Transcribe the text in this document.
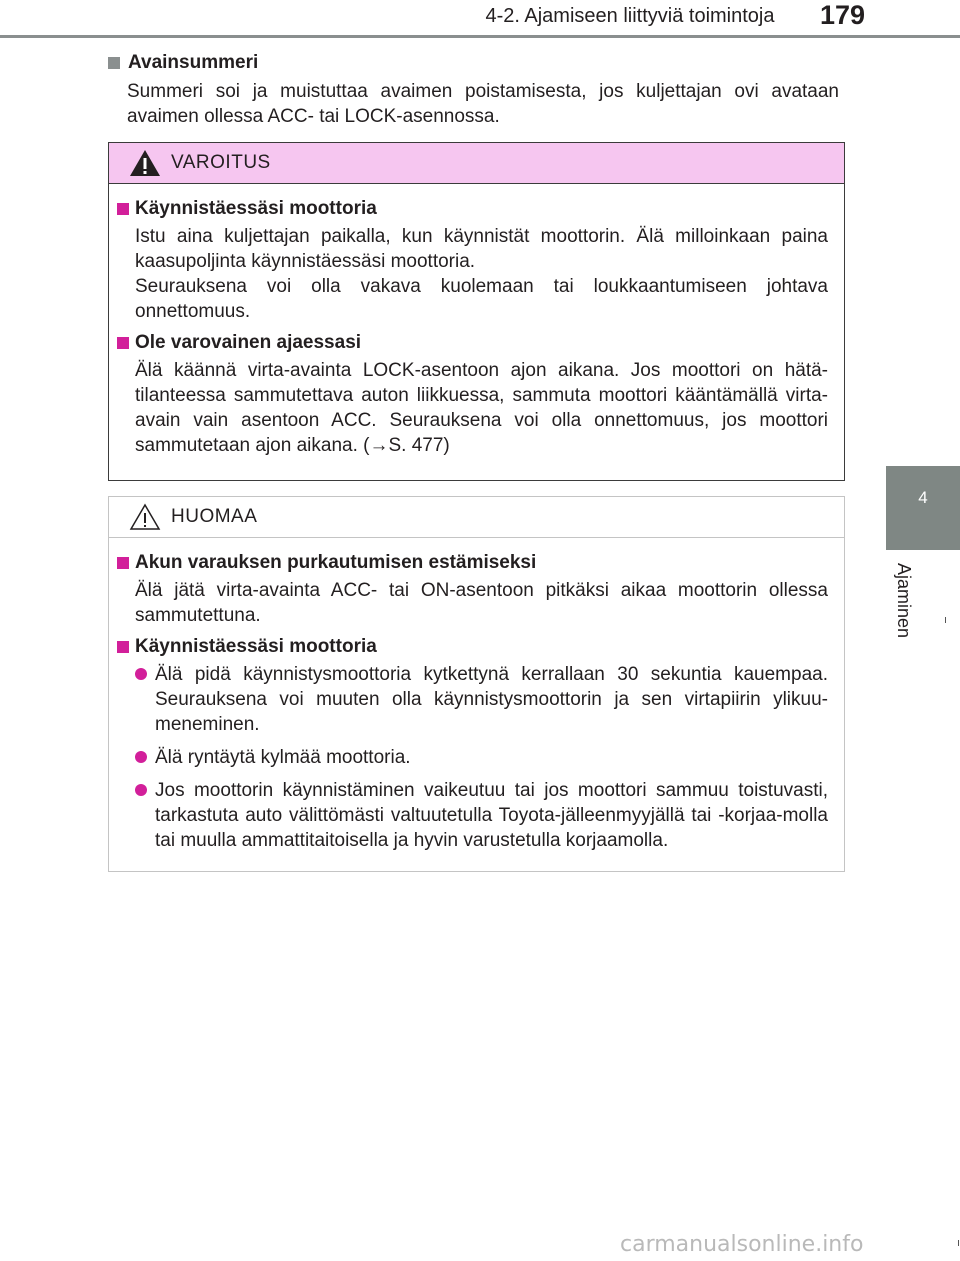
4-2. Ajamiseen liittyviä toimintoja	179
4
Ajaminen
Avainsummeri
Summeri soi ja muistuttaa avaimen poistamisesta, jos kuljettajan ovi avataan avaimen ollessa ACC- tai LOCK-asennossa.
VAROITUS
Käynnistäessäsi moottoria
Istu aina kuljettajan paikalla, kun käynnistät moottorin. Älä milloinkaan paina kaasupoljinta käynnistäessäsi moottoria.
Seurauksena voi olla vakava kuolemaan tai loukkaantumiseen johtava onnettomuus.
Ole varovainen ajaessasi
Älä käännä virta-avainta LOCK-asentoon ajon aikana. Jos moottori on hätä-tilanteessa sammutettava auton liikkuessa, sammuta moottori kääntämällä virta-avain vain asentoon ACC. Seurauksena voi olla onnettomuus, jos moottori sammutetaan ajon aikana. (→S. 477)
HUOMAA
Akun varauksen purkautumisen estämiseksi
Älä jätä virta-avainta ACC- tai ON-asentoon pitkäksi aikaa moottorin ollessa sammutettuna.
Käynnistäessäsi moottoria
Älä pidä käynnistysmoottoria kytkettynä kerrallaan 30 sekuntia kauempaa. Seurauksena voi muuten olla käynnistysmoottorin ja sen virtapiirin ylikuu-meneminen.
Älä ryntäytä kylmää moottoria.
Jos moottorin käynnistäminen vaikeutuu tai jos moottori sammuu toistuvasti, tarkastuta auto välittömästi valtuutetulla Toyota-jälleenmyyjällä tai -korjaa-molla tai muulla ammattitaitoisella ja hyvin varustetulla korjaamolla.
carmanualsonline.info
